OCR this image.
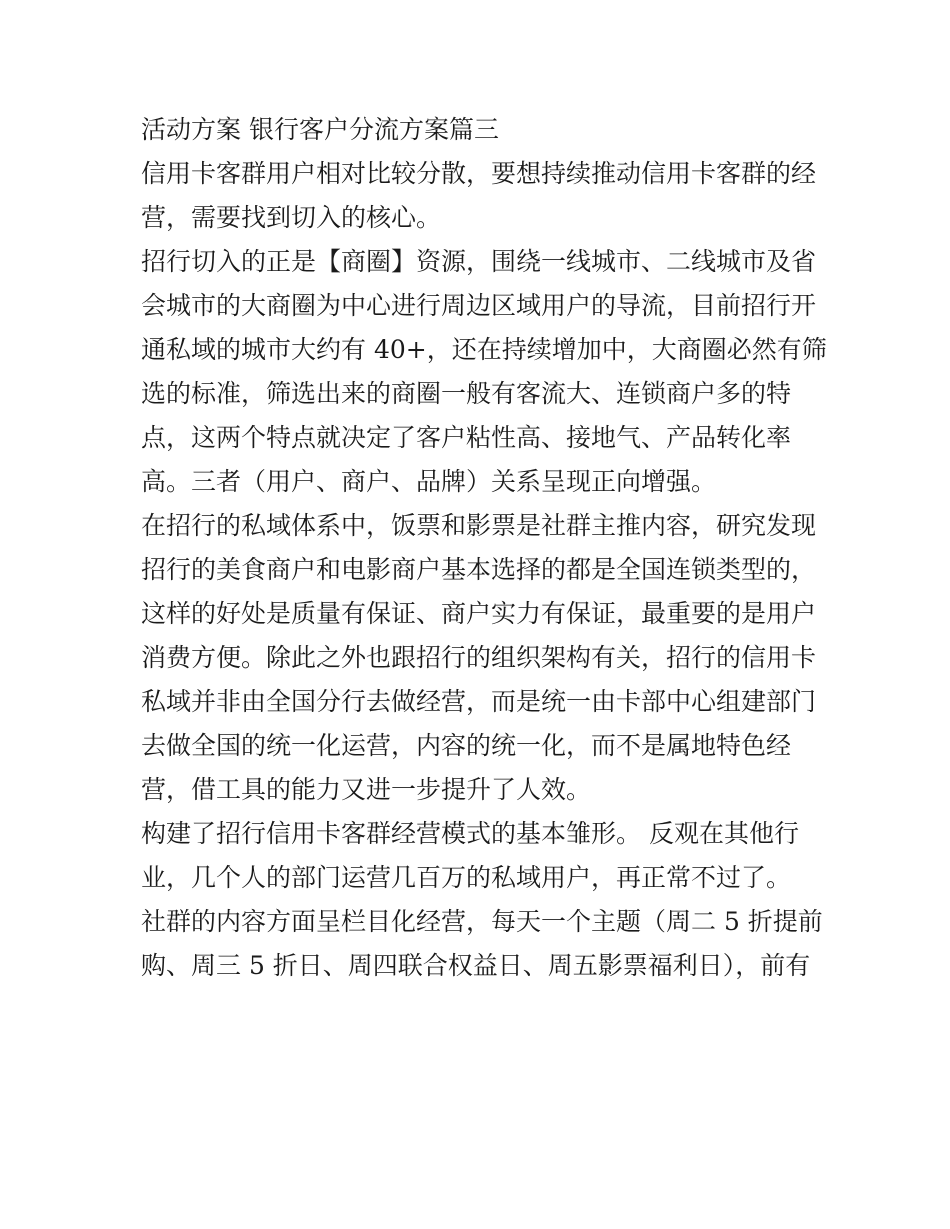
活动方案 银行客户分流方案篇三
信用卡客群用户相对比较分散，要想持续推动信用卡客群的经
营，需要找到切入的核心。
招行切入的正是【商圈】资源，围绕一线城市、二线城市及省
会城市的大商圈为中心进行周边区域用户的导流，目前招行开
通私域的城市大约有 40+，还在持续增加中，大商圈必然有筛
选的标准，筛选出来的商圈一般有客流大、连锁商户多的特
点，这两个特点就决定了客户粘性高、接地气、产品转化率
高。三者（用户、商户、品牌）关系呈现正向增强。
在招行的私域体系中，饭票和影票是社群主推内容，研究发现
招行的美食商户和电影商户基本选择的都是全国连锁类型的，
这样的好处是质量有保证、商户实力有保证，最重要的是用户
消费方便。除此之外也跟招行的组织架构有关，招行的信用卡
私域并非由全国分行去做经营，而是统一由卡部中心组建部门
去做全国的统一化运营，内容的统一化，而不是属地特色经
营，借工具的能力又进一步提升了人效。
构建了招行信用卡客群经营模式的基本雏形。 反观在其他行
业，几个人的部门运营几百万的私域用户，再正常不过了。
社群的内容方面呈栏目化经营，每天一个主题（周二 5 折提前
购、周三 5 折日、周四联合权益日、周五影票福利日），前有
